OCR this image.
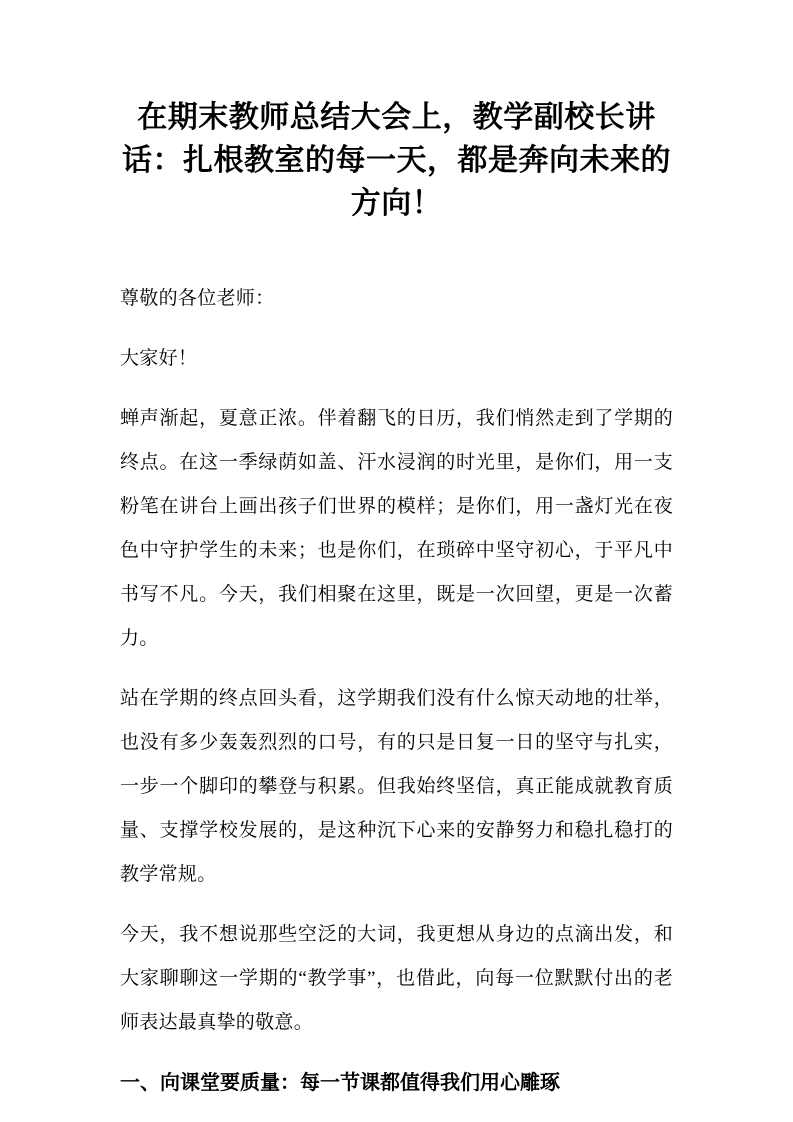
在期末教师总结大会上，教学副校长讲话：扎根教室的每一天，都是奔向未来的方向！

尊敬的各位老师：

大家好！

蝉声渐起，夏意正浓。伴着翻飞的日历，我们悄然走到了学期的终点。在这一季绿荫如盖、汗水浸润的时光里，是你们，用一支粉笔在讲台上画出孩子们世界的模样；是你们，用一盏灯光在夜色中守护学生的未来；也是你们，在琐碎中坚守初心，于平凡中书写不凡。今天，我们相聚在这里，既是一次回望，更是一次蓄力。

站在学期的终点回头看，这学期我们没有什么惊天动地的壮举，也没有多少轰轰烈烈的口号，有的只是日复一日的坚守与扎实，一步一个脚印的攀登与积累。但我始终坚信，真正能成就教育质量、支撑学校发展的，是这种沉下心来的安静努力和稳扎稳打的教学常规。

今天，我不想说那些空泛的大词，我更想从身边的点滴出发，和大家聊聊这一学期的“教学事”，也借此，向每一位默默付出的老师表达最真挚的敬意。

一、向课堂要质量：每一节课都值得我们用心雕琢
